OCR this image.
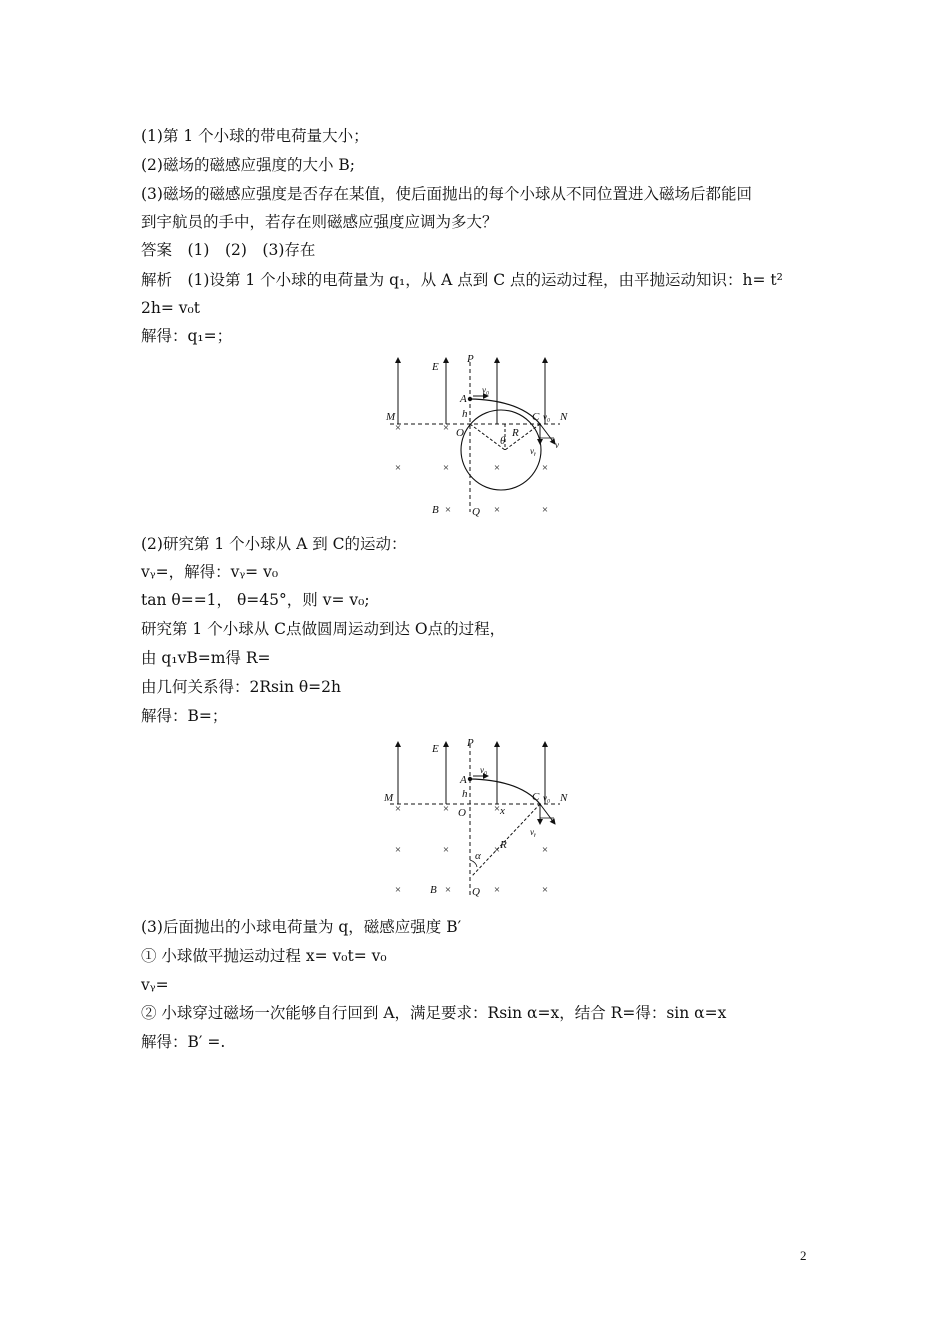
(1)第 1 个小球的带电荷量大小；
(2)磁场的磁感应强度的大小 B;
(3)磁场的磁感应强度是否存在某值，使后面抛出的每个小球从不同位置进入磁场后都能回
到宇航员的手中，若存在则磁感应强度应调为多大？
答案　(1)　(2)　(3)存在
解析　(1)设第 1 个小球的电荷量为 q₁，从 A 点到 C 点的运动过程，由平抛运动知识：h= t²
2h= v₀t
解得：q₁=；
×	×
×	×	×	×
×	×	×
P
E
v₀
A
h	C v₀ N
M
O	R
θ
vᵧ
v
B	Q
(2)研究第 1 个小球从 A 到 C的运动：
vᵧ=，解得：vᵧ= v₀
tan θ==1， θ=45°，则 v= v₀;
研究第 1 个小球从 C点做圆周运动到达 O点的过程，
由 q₁vB=m得 R=
由几何关系得：2Rsin θ=2h
解得：B=；
×	×	×
×	×	×	×
×	×	×	×
P
E
A
v₀
h	C v₀ N
M
O	x
vᵧ
R
α
B	Q
(3)后面抛出的小球电荷量为 q，磁感应强度 B′
① 小球做平抛运动过程 x= v₀t= v₀
vᵧ=
② 小球穿过磁场一次能够自行回到 A，满足要求：Rsin α=x，结合 R=得：sin α=x
解得：B′ =.
2
